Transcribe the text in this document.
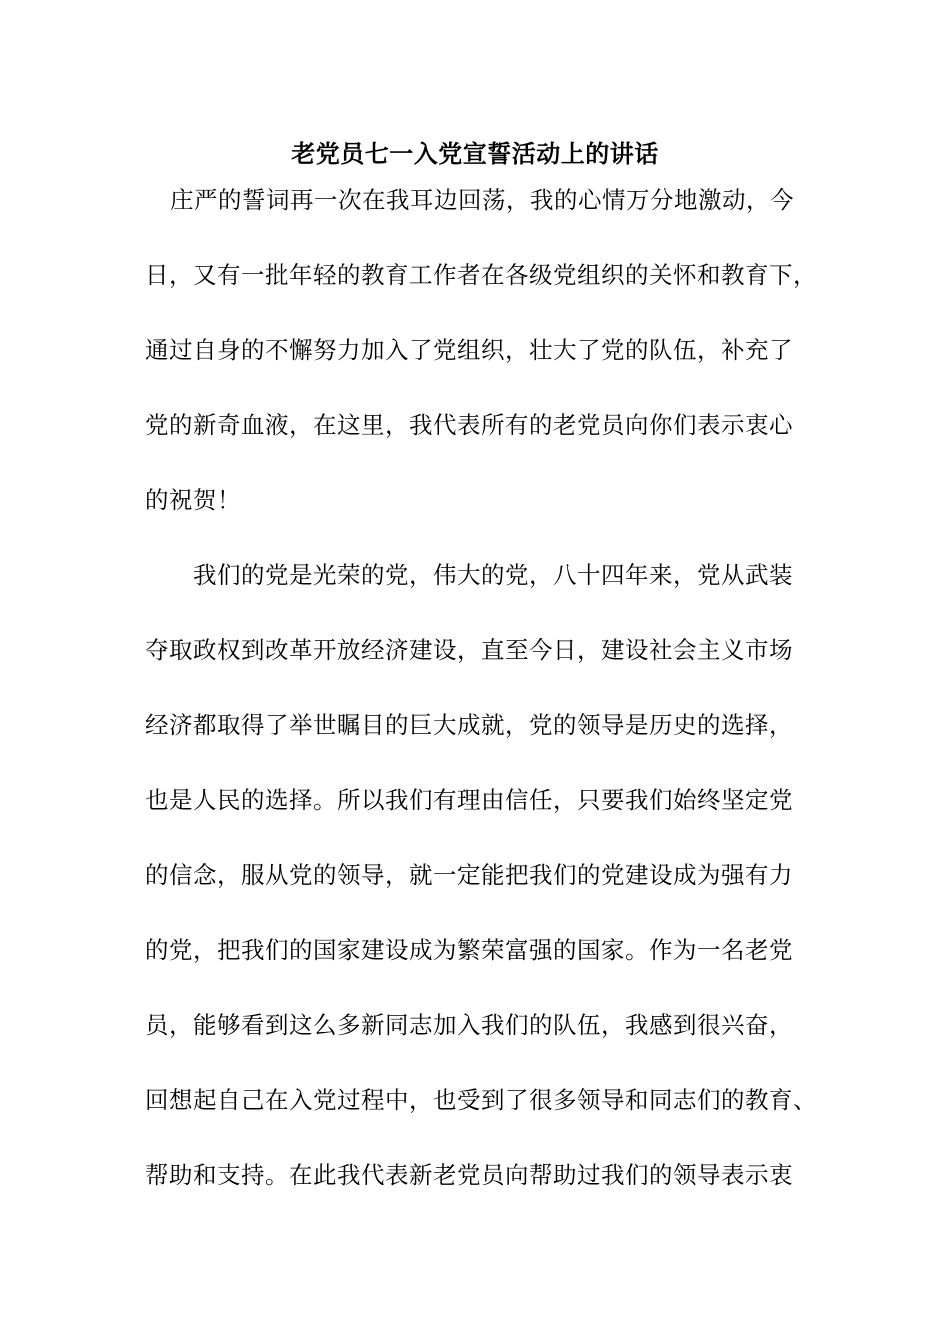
老党员七一入党宣誓活动上的讲话
庄严的誓词再一次在我耳边回荡，我的心情万分地激动，今
日，又有一批年轻的教育工作者在各级党组织的关怀和教育下，
通过自身的不懈努力加入了党组织，壮大了党的队伍，补充了
党的新奇血液，在这里，我代表所有的老党员向你们表示衷心
的祝贺！
我们的党是光荣的党，伟大的党，八十四年来，党从武装
夺取政权到改革开放经济建设，直至今日，建设社会主义市场
经济都取得了举世瞩目的巨大成就，党的领导是历史的选择，
也是人民的选择。所以我们有理由信任，只要我们始终坚定党
的信念，服从党的领导，就一定能把我们的党建设成为强有力
的党，把我们的国家建设成为繁荣富强的国家。作为一名老党
员，能够看到这么多新同志加入我们的队伍，我感到很兴奋，
回想起自己在入党过程中，也受到了很多领导和同志们的教育、
帮助和支持。在此我代表新老党员向帮助过我们的领导表示衷
